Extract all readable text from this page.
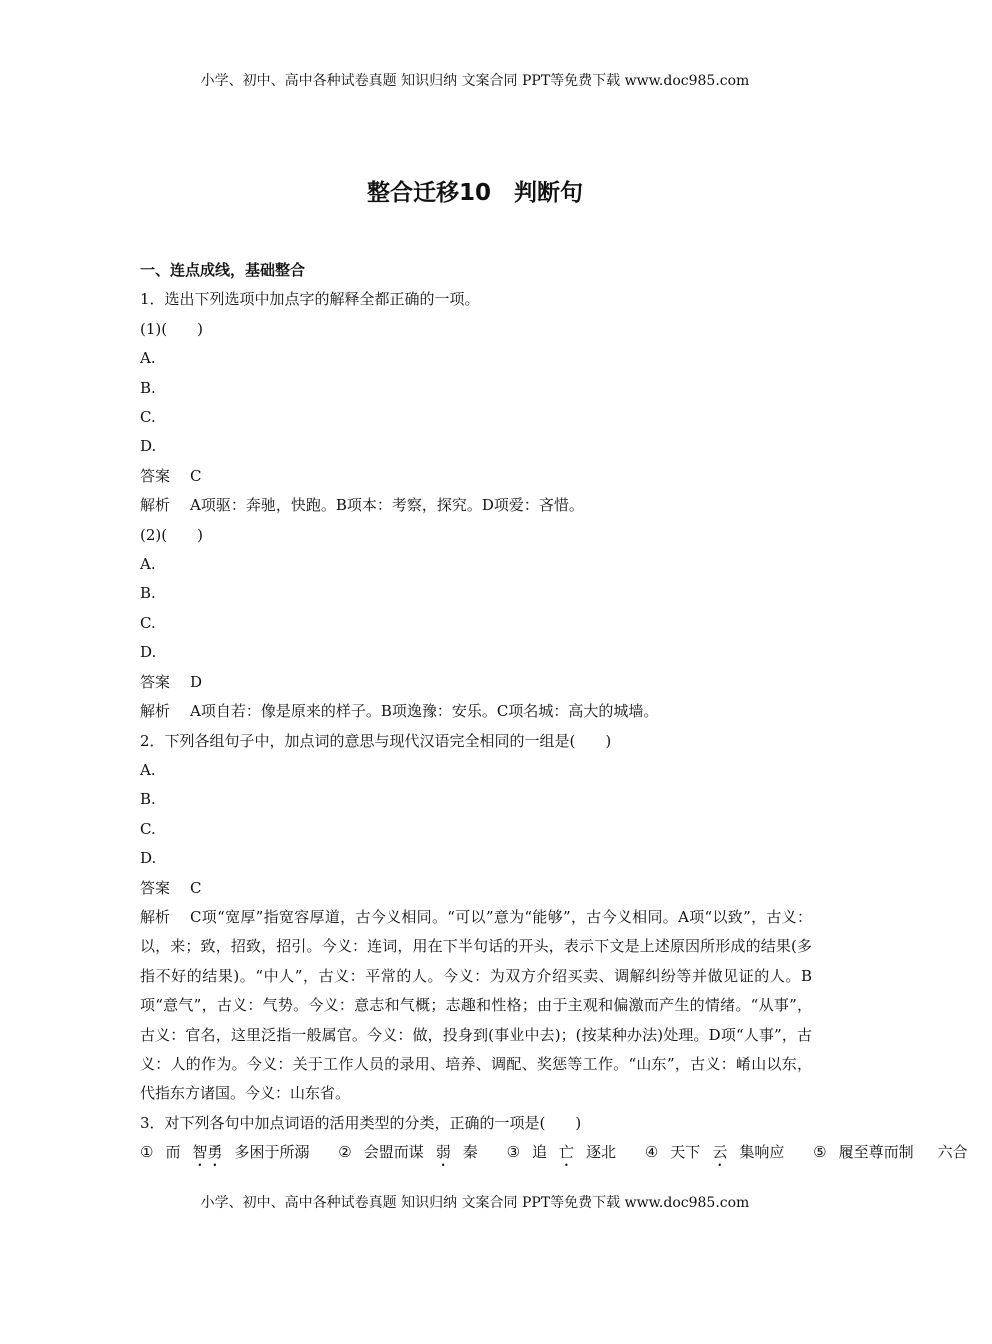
小学、初中、高中各种试卷真题 知识归纳 文案合同 PPT等免费下载 www.doc985.com
整合迁移10　判断句
一、连点成线，基础整合
1．选出下列选项中加点字的解释全都正确的一项。
(1)(　　)
A.
B.
C.
D.
答案 C
解析 A项驱：奔驰，快跑。B项本：考察，探究。D项爱：吝惜。
(2)(　　)
A.
B.
C.
D.
答案 D
解析 A项自若：像是原来的样子。B项逸豫：安乐。C项名城：高大的城墙。
2．下列各组句子中，加点词的意思与现代汉语完全相同的一组是(　　)
A.
B.
C.
D.
答案 C
解析 C项“宽厚”指宽容厚道，古今义相同。“可以”意为“能够”，古今义相同。A项“以致”，古义：以，来；致，招致，招引。今义：连词，用在下半句话的开头，表示下文是上述原因所形成的结果(多指不好的结果)。“中人”，古义：平常的人。今义：为双方介绍买卖、调解纠纷等并做见证的人。B项“意气”，古义：气势。今义：意志和气概；志趣和性格；由于主观和偏激而产生的情绪。“从事”，古义：官名，这里泛指一般属官。今义：做，投身到(事业中去)；(按某种办法)处理。D项“人事”，古义：人的作为。今义：关于工作人员的录用、培养、调配、奖惩等工作。“山东”，古义：崤山以东，代指东方诸国。今义：山东省。
3．对下列各句中加点词语的活用类型的分类，正确的一项是(　　)
① 而 智勇 多困于所溺 ② 会盟而谋 弱 秦 ③ 追 亡 逐北 ④ 天下 云 集响应 ⑤ 履至尊而制 六合
小学、初中、高中各种试卷真题 知识归纳 文案合同 PPT等免费下载 www.doc985.com
